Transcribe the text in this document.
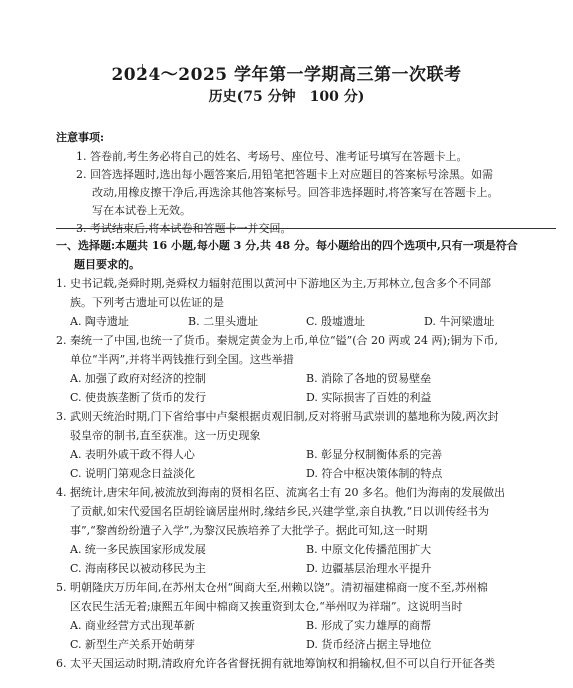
2024～2025 学年第一学期高三第一次联考
历史(75 分钟 100 分)
注意事项:
1. 答卷前,考生务必将自己的姓名、考场号、座位号、准考证号填写在答题卡上。
2. 回答选择题时,选出每小题答案后,用铅笔把答题卡上对应题目的答案标号涂黑。如需
改动,用橡皮擦干净后,再选涂其他答案标号。回答非选择题时,将答案写在答题卡上。
写在本试卷上无效。
3. 考试结束后,将本试卷和答题卡一并交回。
一、选择题:本题共 16 小题,每小题 3 分,共 48 分。每小题给出的四个选项中,只有一项是符合
题目要求的。
1. 史书记载,尧舜时期,尧舜权力辐射范围以黄河中下游地区为主,万邦林立,包含多个不同部
族。下列考古遗址可以佐证的是
A. 陶寺遗址	B. 二里头遗址	C. 殷墟遗址	D. 牛河梁遗址
2. 秦统一了中国,也统一了货币。秦规定黄金为上币,单位“镒”(合 20 两或 24 两);铜为下币,
单位“半两”,并将半两钱推行到全国。这些举措
A. 加强了政府对经济的控制	B. 消除了各地的贸易壁垒
C. 使贵族垄断了货币的发行	D. 实际损害了百姓的利益
3. 武则天统治时期,门下省给事中卢粲根据贞观旧制,反对将驸马武崇训的墓地称为陵,两次封
驳皇帝的制书,直至获准。这一历史现象
A. 表明外戚干政不得人心	B. 彰显分权制衡体系的完善
C. 说明门第观念日益淡化	D. 符合中枢决策体制的特点
4. 据统计,唐宋年间,被流放到海南的贤相名臣、流寓名士有 20 多名。他们为海南的发展做出
了贡献,如宋代爱国名臣胡铨谪居崖州时,缘结乡民,兴建学堂,亲自执教,“日以训传经书为
事”,“黎酋纷纷遣子入学”,为黎汉民族培养了大批学子。据此可知,这一时期
A. 统一多民族国家形成发展	B. 中原文化传播范围扩大
C. 海南移民以被动移民为主	D. 边疆基层治理水平提升
5. 明朝隆庆万历年间,在苏州太仓州“闽商大至,州赖以饶”。清初福建棉商一度不至,苏州棉
区农民生活无着;康熙五年闽中棉商又挨重资到太仓,“举州叹为祥瑞”。这说明当时
A. 商业经营方式出现革新	B. 形成了实力雄厚的商帮
C. 新型生产关系开始萌芽	D. 货币经济占据主导地位
6. 太平天国运动时期,清政府允许各省督抚拥有就地筹饷权和捐输权,但不可以自行开征各类
